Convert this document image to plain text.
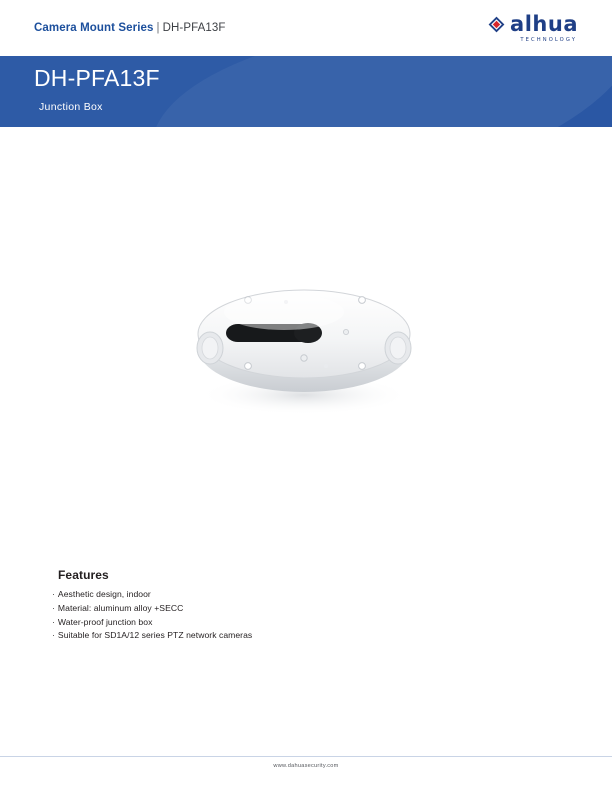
Camera Mount Series | DH-PFA13F	alhua
TECHNOLOGY
DH-PFA13F
Junction Box
Features
· Aesthetic design, indoor
· Material: aluminum alloy +SECC
· Water-proof junction box
· Suitable for SD1A/12 series PTZ network cameras
www.dahuasecurity.com
